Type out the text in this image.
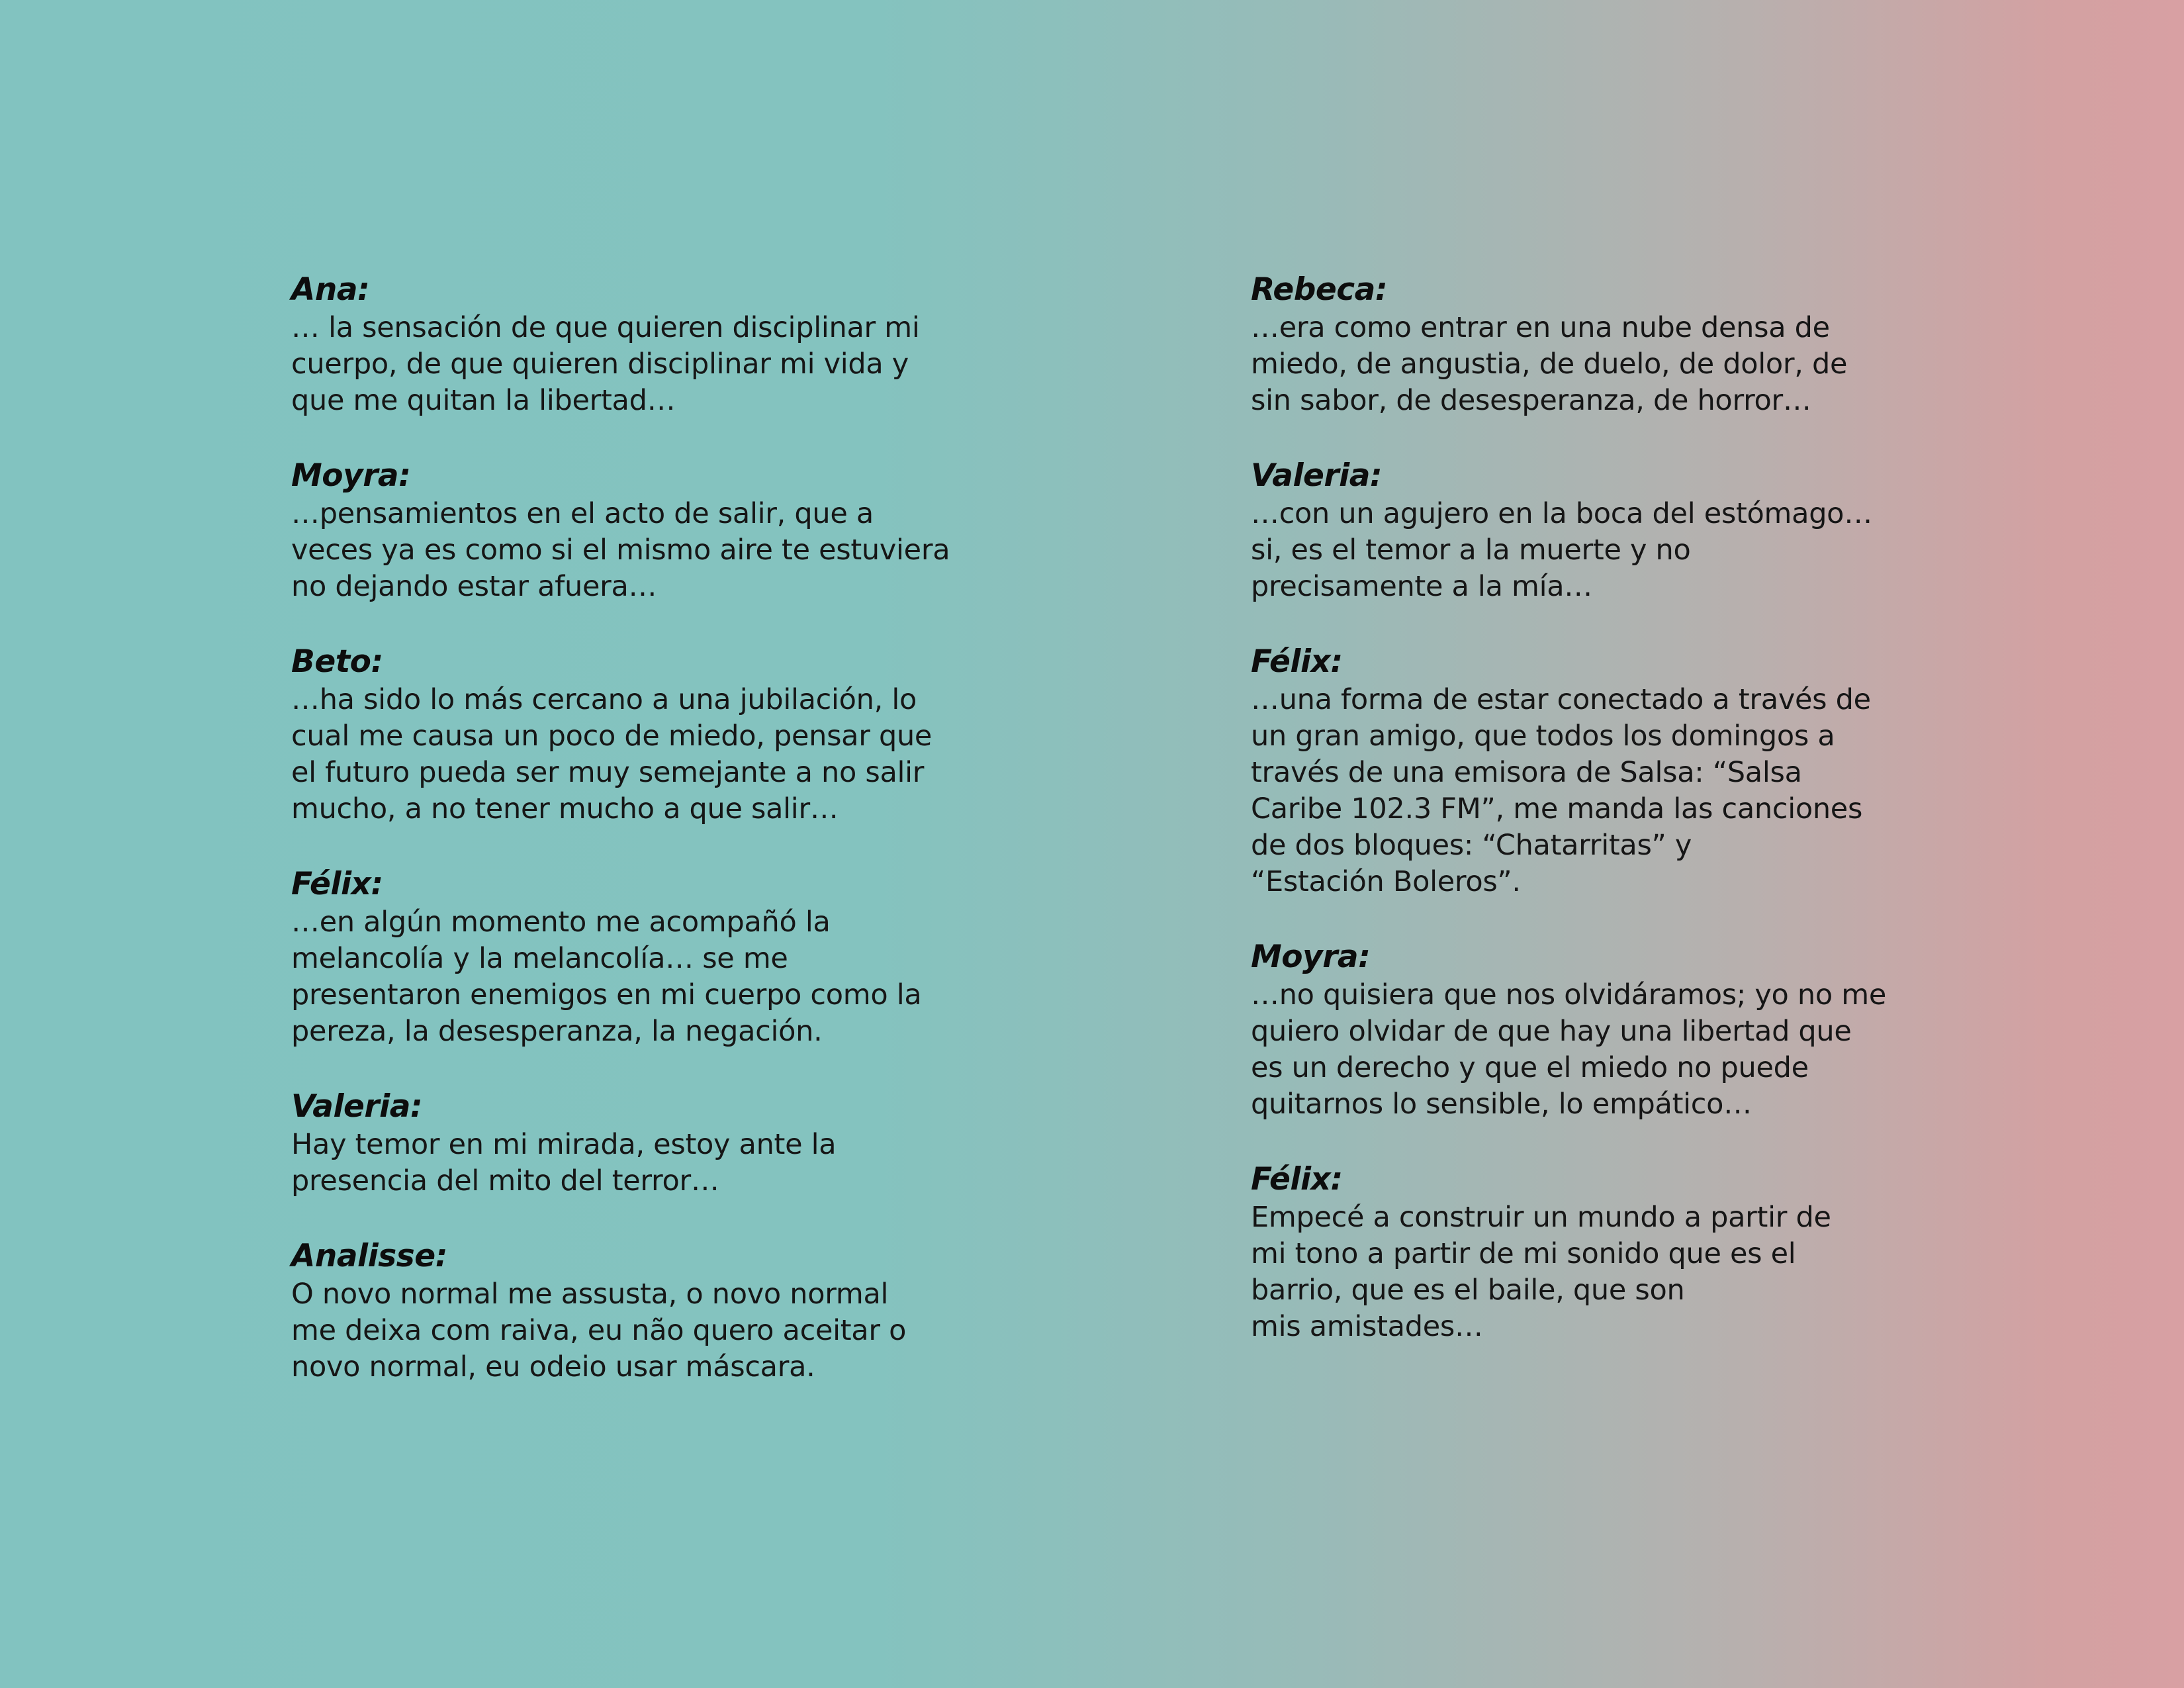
Ana:
… la sensación de que quieren disciplinar mi
cuerpo, de que quieren disciplinar mi vida y
que me quitan la libertad…
Moyra:
…pensamientos en el acto de salir, que a
veces ya es como si el mismo aire te estuviera
no dejando estar afuera…
Beto:
…ha sido lo más cercano a una jubilación, lo
cual me causa un poco de miedo, pensar que
el futuro pueda ser muy semejante a no salir
mucho, a no tener mucho a que salir…
Félix:
…en algún momento me acompañó la
melancolía y la melancolía… se me
presentaron enemigos en mi cuerpo como la
pereza, la desesperanza, la negación.
Valeria:
Hay temor en mi mirada, estoy ante la
presencia del mito del terror…
Analisse:
O novo normal me assusta, o novo normal
me deixa com raiva, eu não quero aceitar o
novo normal, eu odeio usar máscara.
Rebeca:
…era como entrar en una nube densa de
miedo, de angustia, de duelo, de dolor, de
sin sabor, de desesperanza, de horror…
Valeria:
…con un agujero en la boca del estómago…
si, es el temor a la muerte y no
precisamente a la mía…
Félix:
…una forma de estar conectado a través de
un gran amigo, que todos los domingos a
través de una emisora de Salsa: “Salsa
Caribe 102.3 FM”, me manda las canciones
de dos bloques: “Chatarritas” y
“Estación Boleros”.
Moyra:
…no quisiera que nos olvidáramos; yo no me
quiero olvidar de que hay una libertad que
es un derecho y que el miedo no puede
quitarnos lo sensible, lo empático…
Félix:
Empecé a construir un mundo a partir de
mi tono a partir de mi sonido que es el
barrio, que es el baile, que son
mis amistades…
